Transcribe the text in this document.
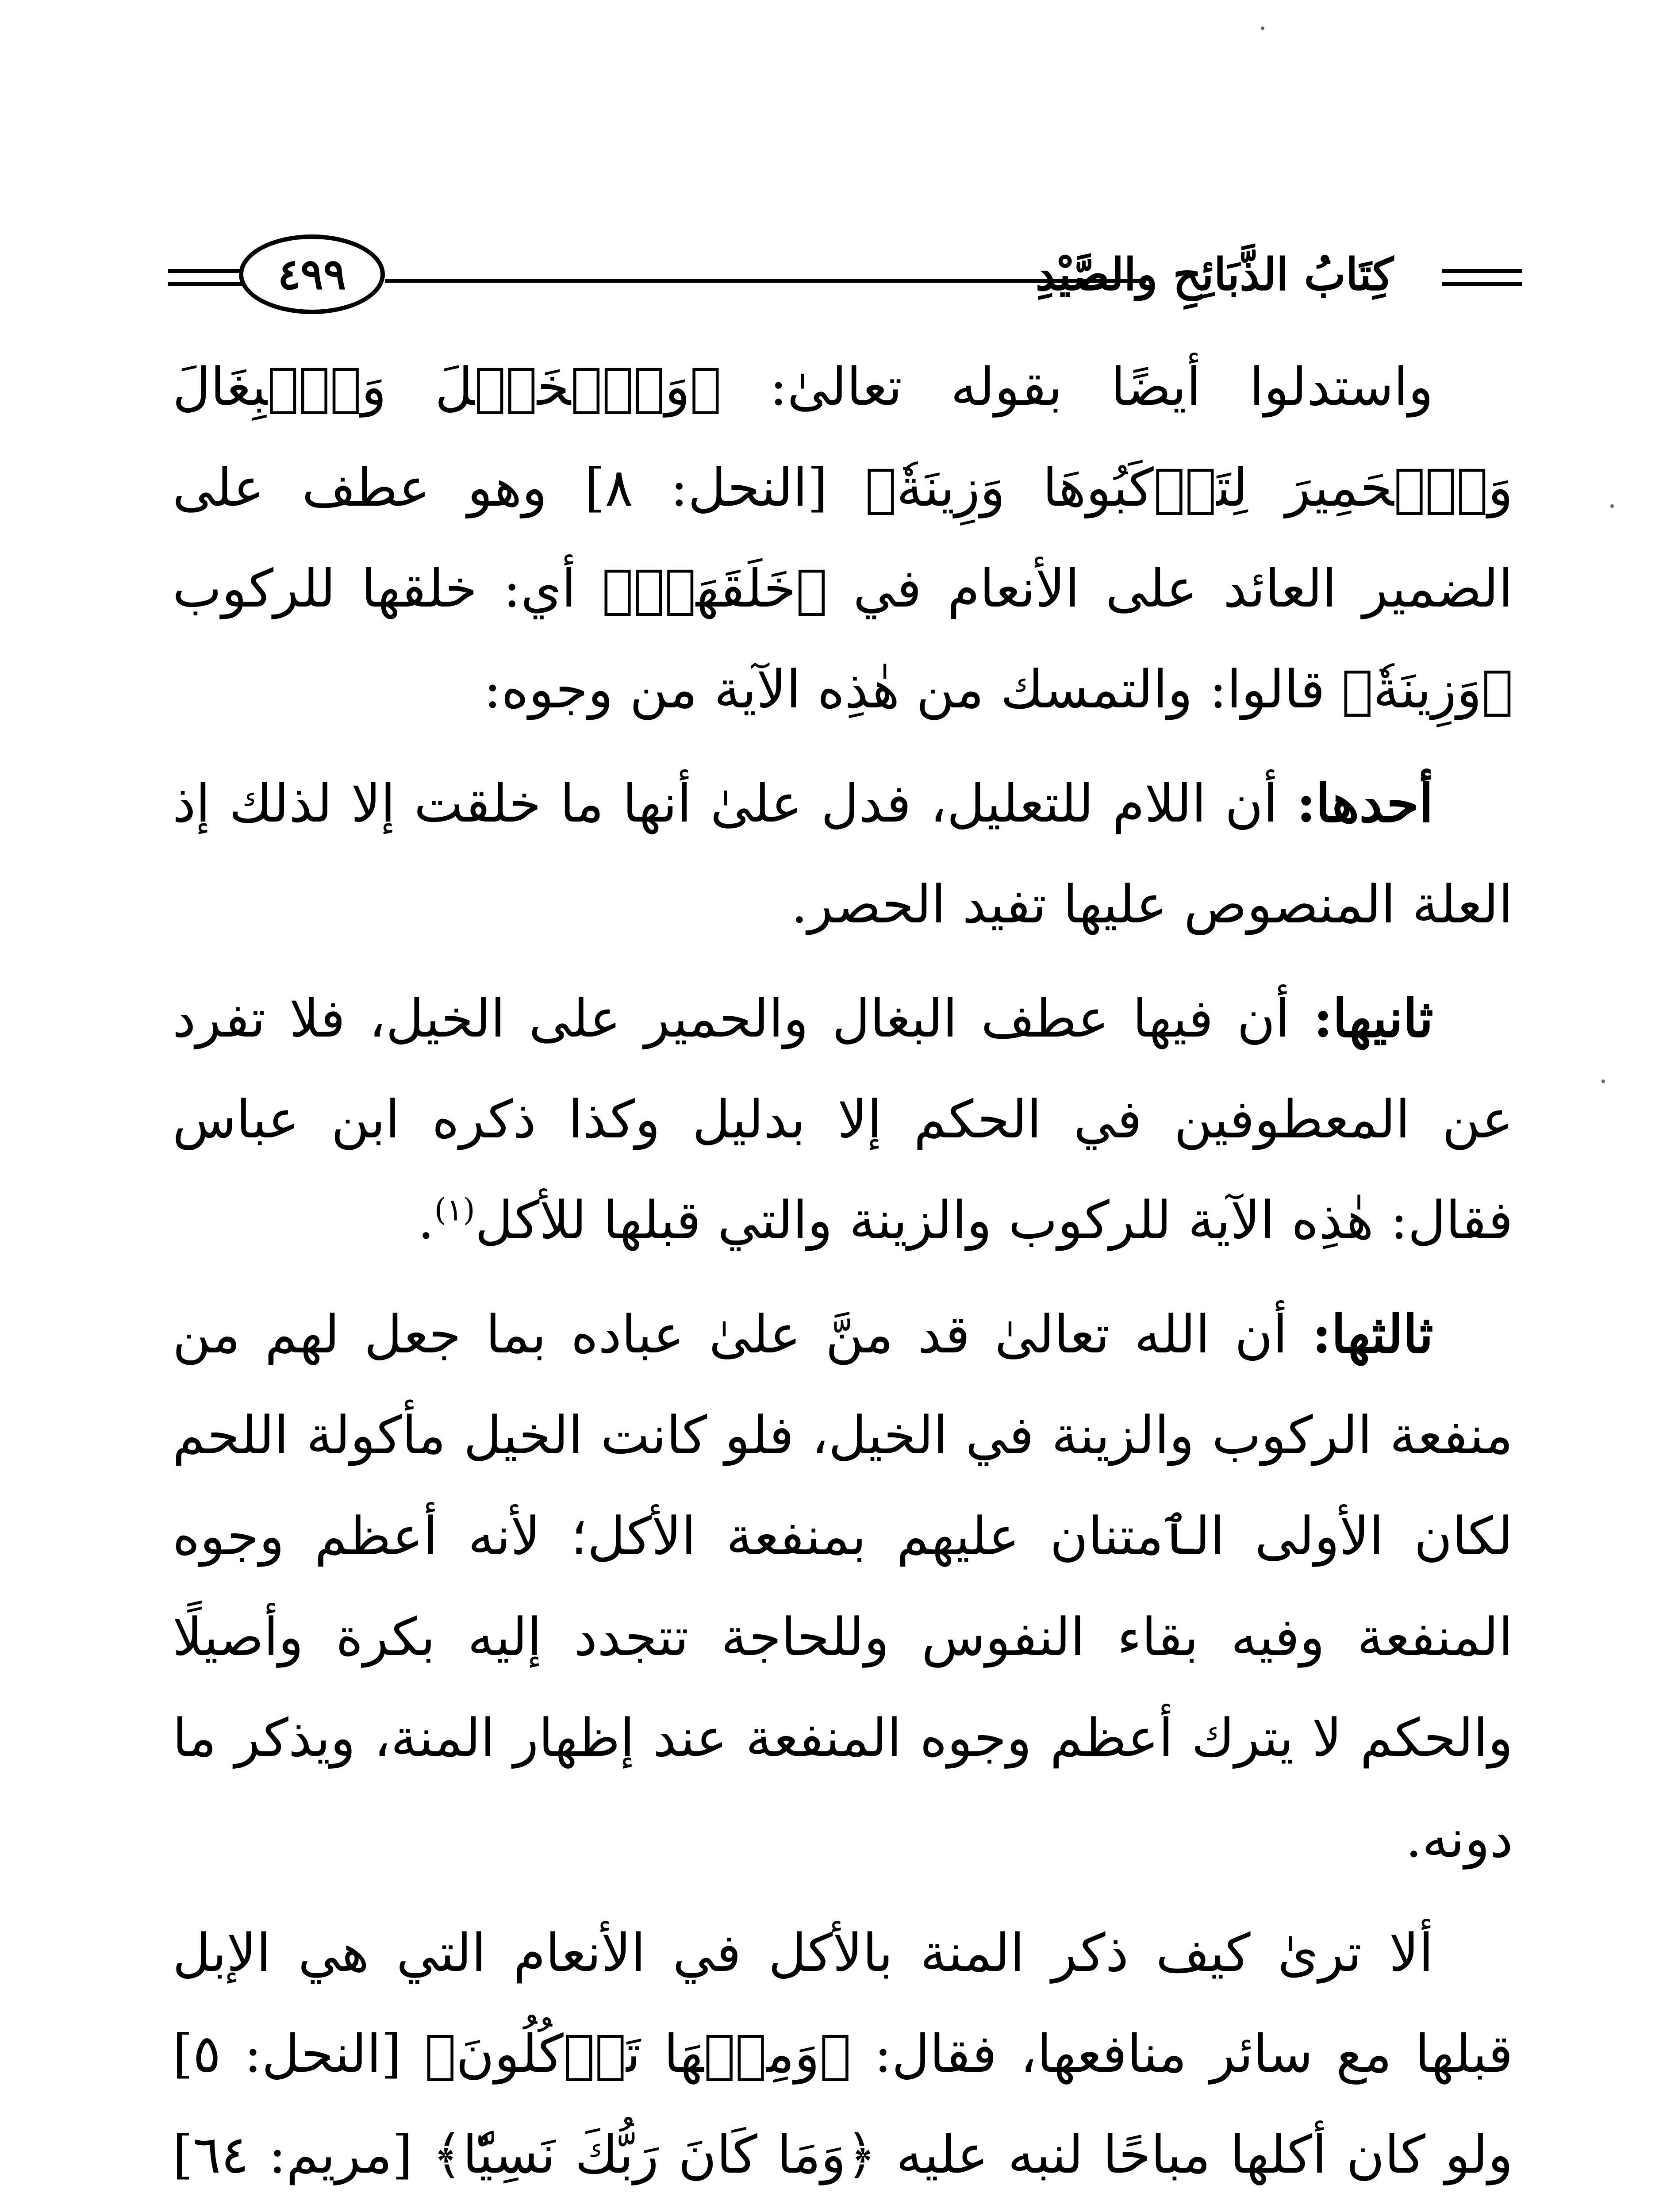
كِتَابُ الذَّبَائِحِ والصَّيْدِ
٤٩٩

واستدلوا أيضًا بقوله تعالىٰ: ﴿وَٱلۡخَيۡلَ وَٱلۡبِغَالَ وَٱلۡحَمِيرَ لِتَرۡكَبُوهَا وَزِينَةٗ﴾ [النحل: ٨] وهو عطف على الضمير العائد على الأنعام في ﴿خَلَقَهَاۗ﴾ أي: خلقها للركوب ﴿وَزِينَةٗ﴾ قالوا: والتمسك من هٰذِه الآية من وجوه:

أحدها: أن اللام للتعليل، فدل علىٰ أنها ما خلقت إلا لذلك إذ العلة المنصوص عليها تفيد الحصر.

ثانيها: أن فيها عطف البغال والحمير على الخيل، فلا تفرد عن المعطوفين في الحكم إلا بدليل وكذا ذكره ابن عباس فقال: هٰذِه الآية للركوب والزينة والتي قبلها للأكل$^{(١)}$.

ثالثها: أن الله تعالىٰ قد منَّ علىٰ عباده بما جعل لهم من منفعة الركوب والزينة في الخيل، فلو كانت الخيل مأكولة اللحم لكان الأولى الٱمتنان عليهم بمنفعة الأكل؛ لأنه أعظم وجوه المنفعة وفيه بقاء النفوس وللحاجة تتجدد إليه بكرة وأصيلًا والحكم لا يترك أعظم وجوه المنفعة عند إظهار المنة، ويذكر ما دونه.

ألا ترىٰ كيف ذكر المنة بالأكل في الأنعام التي هي الإبل قبلها مع سائر منافعها، فقال: ﴿وَمِنۡهَا تَأۡكُلُونَ﴾ [النحل: ٥] ولو كان أكلها مباحًا لنبه عليه ﴿وَمَا كَانَ رَبُّكَ نَسِيّٗا﴾ [مريم: ٦٤]
